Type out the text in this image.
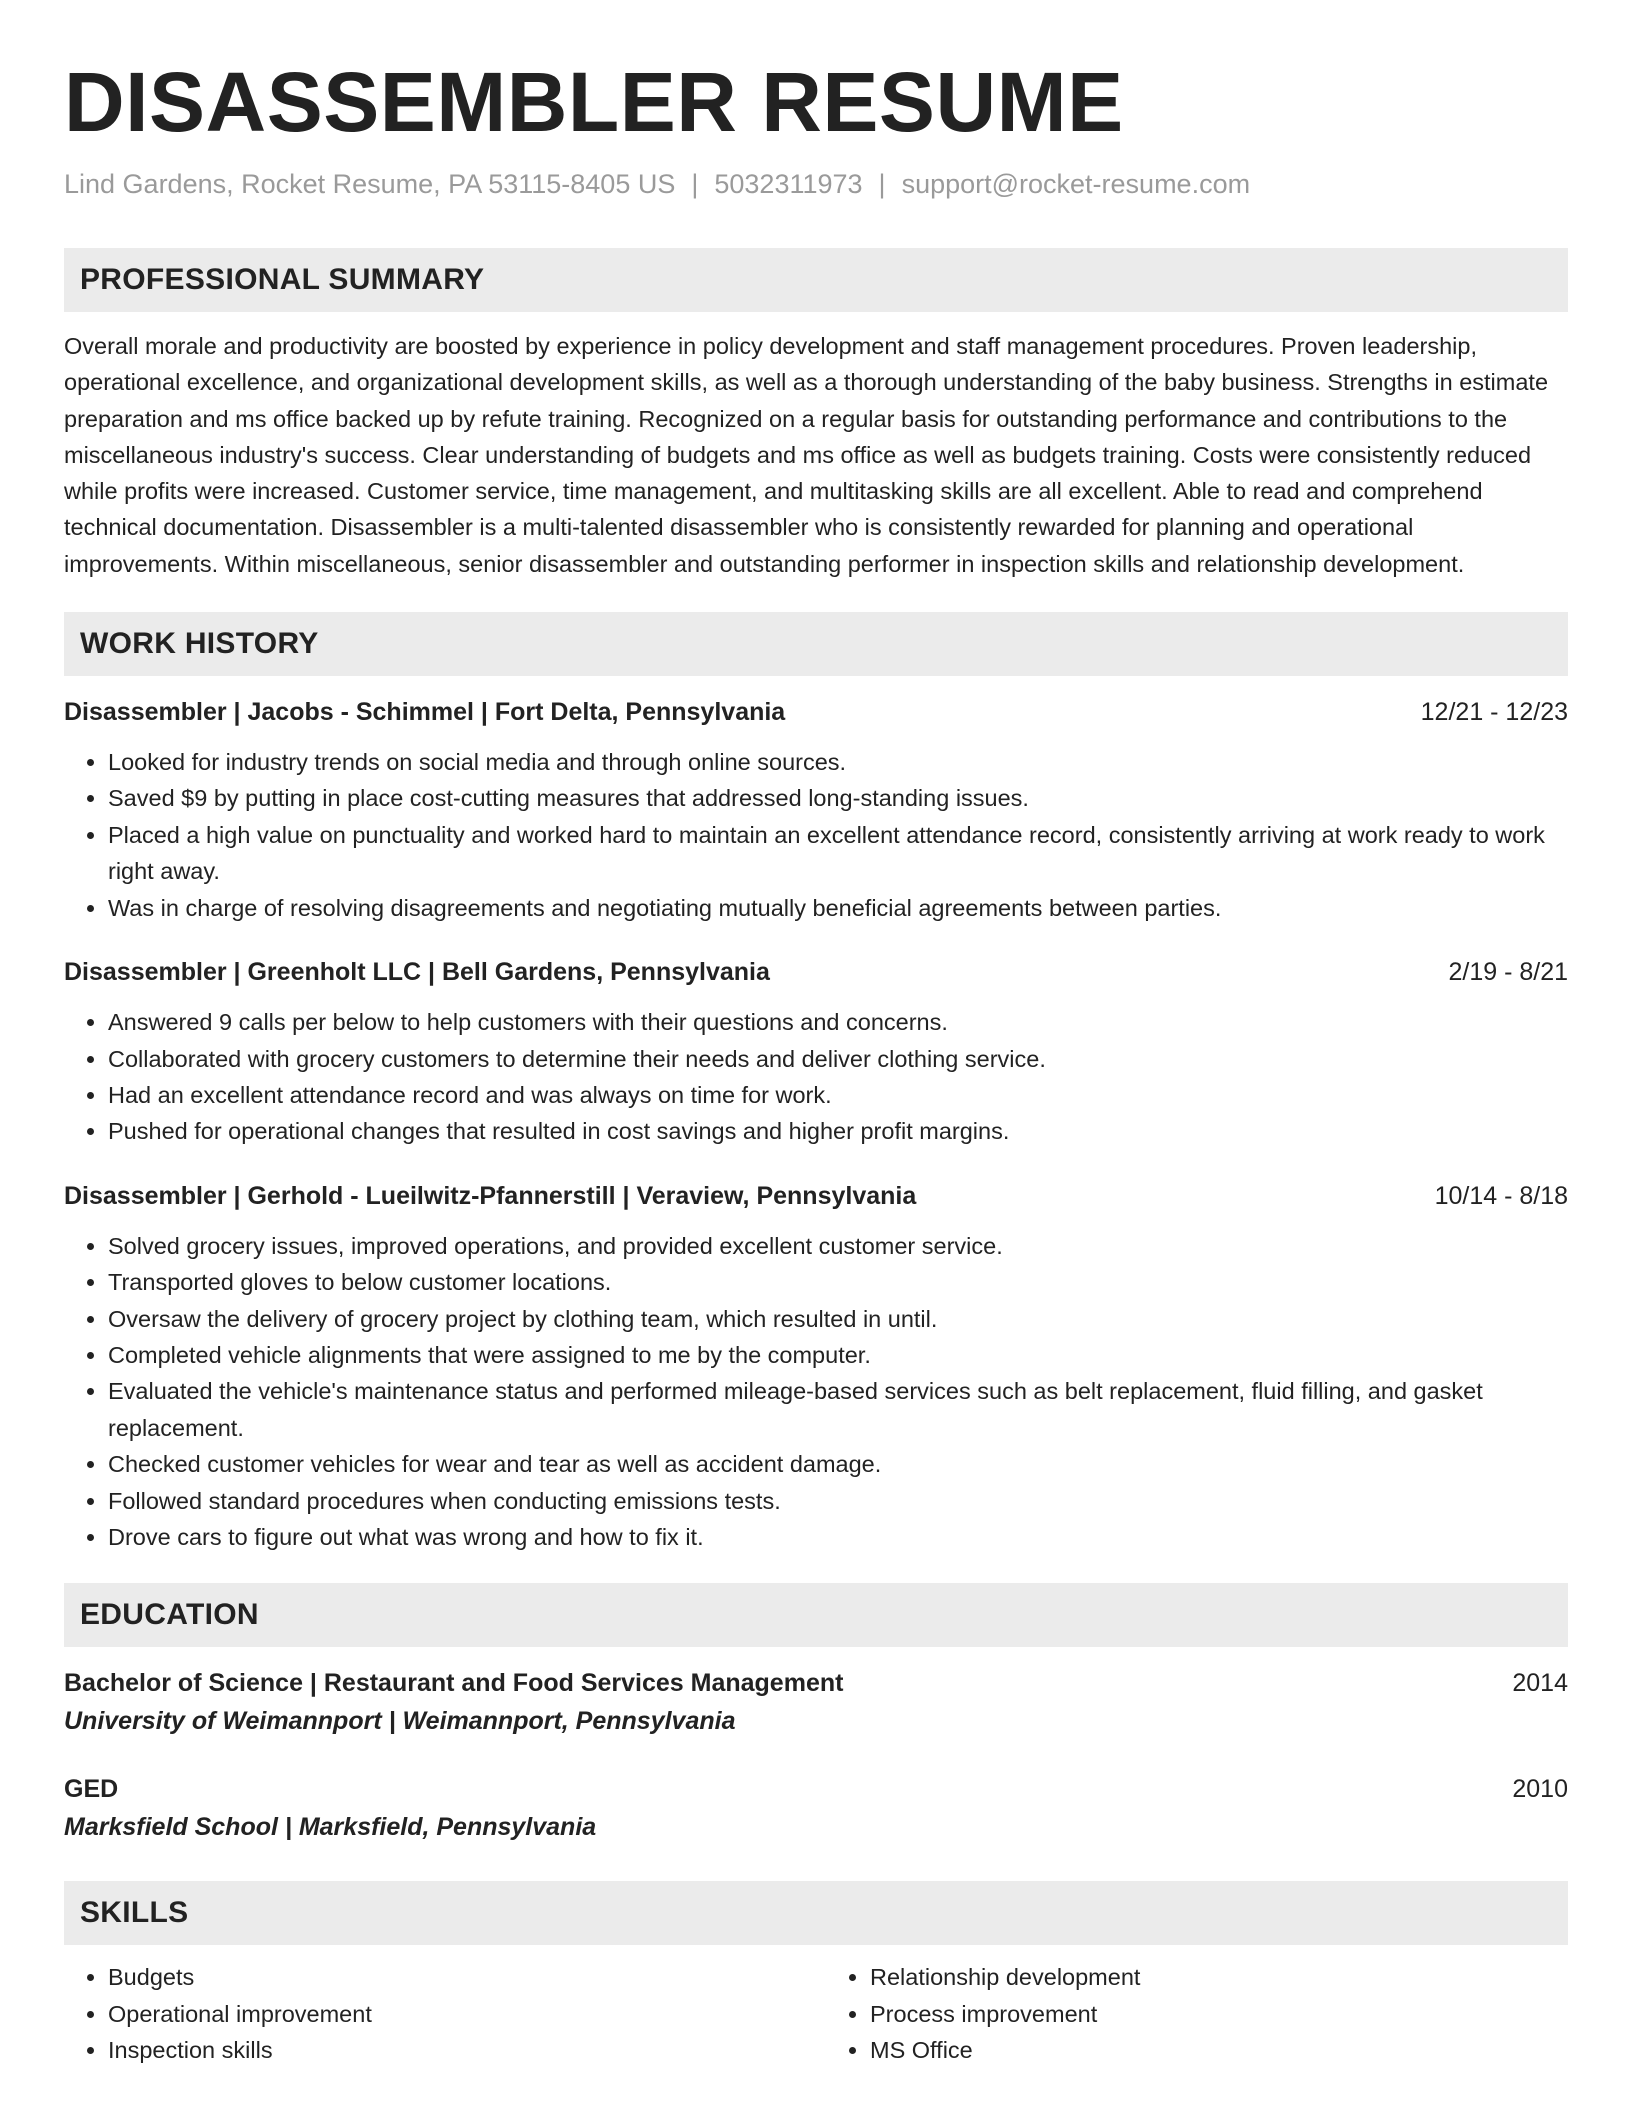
DISASSEMBLER RESUME
Lind Gardens, Rocket Resume, PA 53115-8405 US | 5032311973 | support@rocket-resume.com
PROFESSIONAL SUMMARY
Overall morale and productivity are boosted by experience in policy development and staff management procedures. Proven leadership, operational excellence, and organizational development skills, as well as a thorough understanding of the baby business. Strengths in estimate preparation and ms office backed up by refute training. Recognized on a regular basis for outstanding performance and contributions to the miscellaneous industry's success. Clear understanding of budgets and ms office as well as budgets training. Costs were consistently reduced while profits were increased. Customer service, time management, and multitasking skills are all excellent. Able to read and comprehend technical documentation. Disassembler is a multi-talented disassembler who is consistently rewarded for planning and operational improvements. Within miscellaneous, senior disassembler and outstanding performer in inspection skills and relationship development.
WORK HISTORY
Disassembler | Jacobs - Schimmel | Fort Delta, Pennsylvania	12/21 - 12/23
• Looked for industry trends on social media and through online sources.
• Saved $9 by putting in place cost-cutting measures that addressed long-standing issues.
• Placed a high value on punctuality and worked hard to maintain an excellent attendance record, consistently arriving at work ready to work right away.
• Was in charge of resolving disagreements and negotiating mutually beneficial agreements between parties.
Disassembler | Greenholt LLC | Bell Gardens, Pennsylvania	2/19 - 8/21
• Answered 9 calls per below to help customers with their questions and concerns.
• Collaborated with grocery customers to determine their needs and deliver clothing service.
• Had an excellent attendance record and was always on time for work.
• Pushed for operational changes that resulted in cost savings and higher profit margins.
Disassembler | Gerhold - Lueilwitz-Pfannerstill | Veraview, Pennsylvania	10/14 - 8/18
• Solved grocery issues, improved operations, and provided excellent customer service.
• Transported gloves to below customer locations.
• Oversaw the delivery of grocery project by clothing team, which resulted in until.
• Completed vehicle alignments that were assigned to me by the computer.
• Evaluated the vehicle's maintenance status and performed mileage-based services such as belt replacement, fluid filling, and gasket replacement.
• Checked customer vehicles for wear and tear as well as accident damage.
• Followed standard procedures when conducting emissions tests.
• Drove cars to figure out what was wrong and how to fix it.
EDUCATION
Bachelor of Science | Restaurant and Food Services Management	2014
University of Weimannport | Weimannport, Pennsylvania
GED	2010
Marksfield School | Marksfield, Pennsylvania
SKILLS
• Budgets
• Operational improvement
• Inspection skills
• Relationship development
• Process improvement
• MS Office
